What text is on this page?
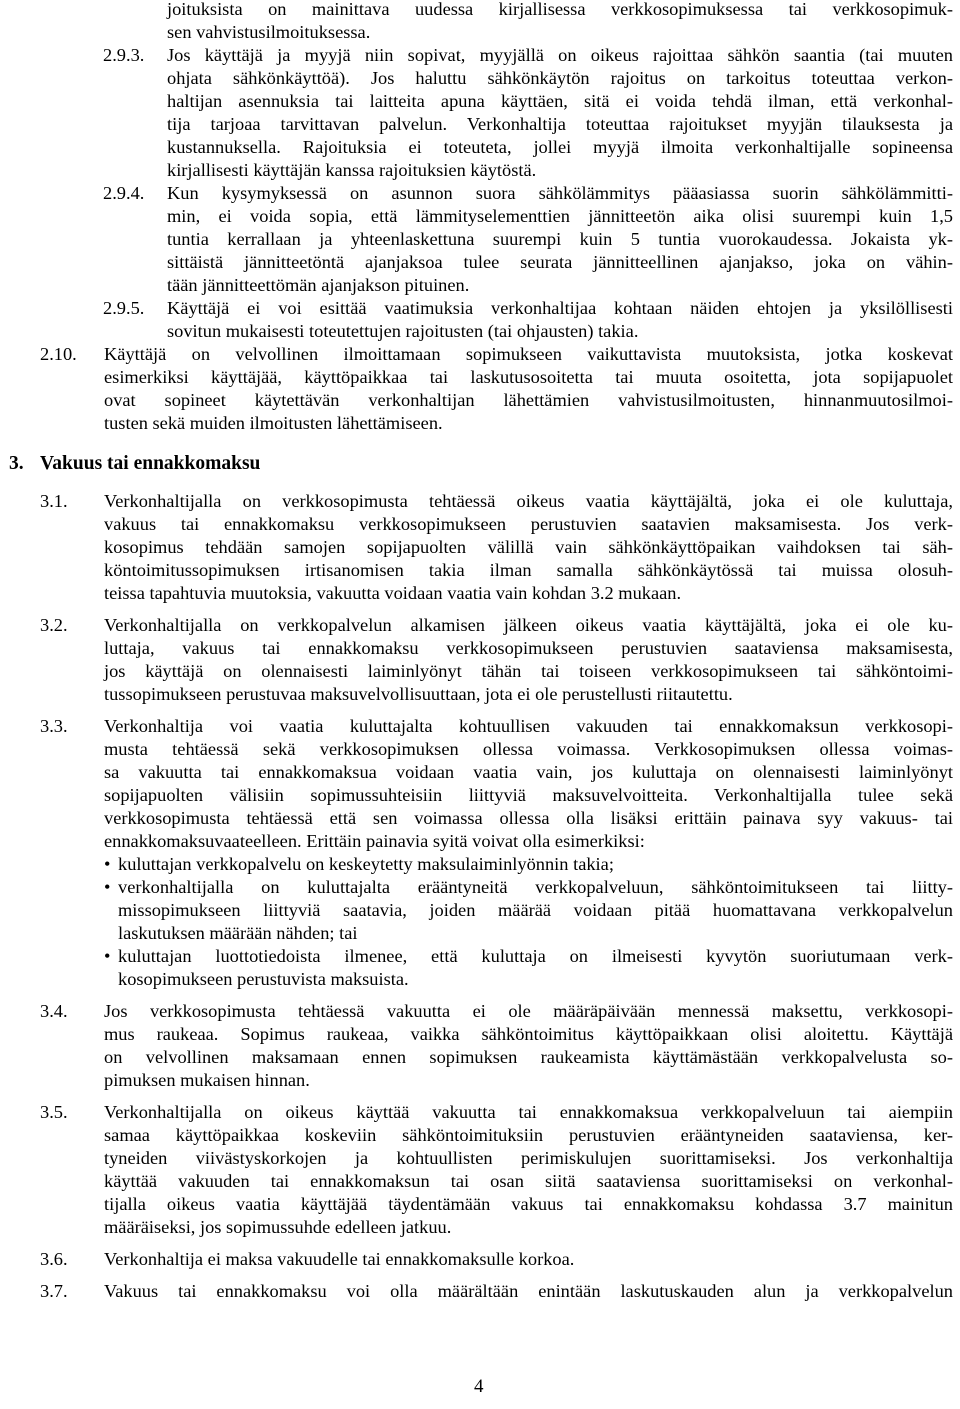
joituksista on mainittava uudessa kirjallisessa verkkosopimuksessa tai verkkosopimuk-
sen vahvistusilmoituksessa.
2.9.3. Jos käyttäjä ja myyjä niin sopivat, myyjällä on oikeus rajoittaa sähkön saantia (tai muuten
ohjata sähkönkäyttöä). Jos haluttu sähkönkäytön rajoitus on tarkoitus toteuttaa verkon-
haltijan asennuksia tai laitteita apuna käyttäen, sitä ei voida tehdä ilman, että verkonhal-
tija tarjoaa tarvittavan palvelun. Verkonhaltija toteuttaa rajoitukset myyjän tilauksesta ja
kustannuksella. Rajoituksia ei toteuteta, jollei myyjä ilmoita verkonhaltijalle sopineensa
kirjallisesti käyttäjän kanssa rajoituksien käytöstä.
2.9.4. Kun kysymyksessä on asunnon suora sähkölämmitys pääasiassa suorin sähkölämmitti-
min, ei voida sopia, että lämmityselementtien jännitteetön aika olisi suurempi kuin 1,5
tuntia kerrallaan ja yhteenlaskettuna suurempi kuin 5 tuntia vuorokaudessa. Jokaista yk-
sittäistä jännitteetöntä ajanjaksoa tulee seurata jännitteellinen ajanjakso, joka on vähin-
tään jännitteettömän ajanjakson pituinen.
2.9.5. Käyttäjä ei voi esittää vaatimuksia verkonhaltijaa kohtaan näiden ehtojen ja yksilöllisesti
sovitun mukaisesti toteutettujen rajoitusten (tai ohjausten) takia.
2.10. Käyttäjä on velvollinen ilmoittamaan sopimukseen vaikuttavista muutoksista, jotka koskevat
esimerkiksi käyttäjää, käyttöpaikkaa tai laskutusosoitetta tai muuta osoitetta, jota sopijapuolet
ovat sopineet käytettävän verkonhaltijan lähettämien vahvistusilmoitusten, hinnanmuutosilmoi-
tusten sekä muiden ilmoitusten lähettämiseen.
3. Vakuus tai ennakkomaksu
3.1. Verkonhaltijalla on verkkosopimusta tehtäessä oikeus vaatia käyttäjältä, joka ei ole kuluttaja,
vakuus tai ennakkomaksu verkkosopimukseen perustuvien saatavien maksamisesta. Jos verk-
kosopimus tehdään samojen sopijapuolten välillä vain sähkönkäyttöpaikan vaihdoksen tai säh-
köntoimitussopimuksen irtisanomisen takia ilman samalla sähkönkäytössä tai muissa olosuh-
teissa tapahtuvia muutoksia, vakuutta voidaan vaatia vain kohdan 3.2 mukaan.
3.2. Verkonhaltijalla on verkkopalvelun alkamisen jälkeen oikeus vaatia käyttäjältä, joka ei ole ku-
luttaja, vakuus tai ennakkomaksu verkkosopimukseen perustuvien saataviensa maksamisesta,
jos käyttäjä on olennaisesti laiminlyönyt tähän tai toiseen verkkosopimukseen tai sähköntoimi-
tussopimukseen perustuvaa maksuvelvollisuuttaan, jota ei ole perustellusti riitautettu.
3.3. Verkonhaltija voi vaatia kuluttajalta kohtuullisen vakuuden tai ennakkomaksun verkkosopi-
musta tehtäessä sekä verkkosopimuksen ollessa voimassa. Verkkosopimuksen ollessa voimas-
sa vakuutta tai ennakkomaksua voidaan vaatia vain, jos kuluttaja on olennaisesti laiminlyönyt
sopijapuolten välisiin sopimussuhteisiin liittyviä maksuvelvoitteita. Verkonhaltijalla tulee sekä
verkkosopimusta tehtäessä että sen voimassa ollessa olla lisäksi erittäin painava syy vakuus- tai
ennakkomaksuvaateelleen. Erittäin painavia syitä voivat olla esimerkiksi:
• kuluttajan verkkopalvelu on keskeytetty maksulaiminlyönnin takia;
• verkonhaltijalla on kuluttajalta erääntyneitä verkkopalveluun, sähköntoimitukseen tai liitty-
missopimukseen liittyviä saatavia, joiden määrää voidaan pitää huomattavana verkkopalvelun
laskutuksen määrään nähden; tai
• kuluttajan luottotiedoista ilmenee, että kuluttaja on ilmeisesti kyvytön suoriutumaan verk-
kosopimukseen perustuvista maksuista.
3.4. Jos verkkosopimusta tehtäessä vakuutta ei ole määräpäivään mennessä maksettu, verkkosopi-
mus raukeaa. Sopimus raukeaa, vaikka sähköntoimitus käyttöpaikkaan olisi aloitettu. Käyttäjä
on velvollinen maksamaan ennen sopimuksen raukeamista käyttämästään verkkopalvelusta so-
pimuksen mukaisen hinnan.
3.5. Verkonhaltijalla on oikeus käyttää vakuutta tai ennakkomaksua verkkopalveluun tai aiempiin
samaa käyttöpaikkaa koskeviin sähköntoimituksiin perustuvien erääntyneiden saataviensa, ker-
tyneiden viivästyskorkojen ja kohtuullisten perimiskulujen suorittamiseksi. Jos verkonhaltija
käyttää vakuuden tai ennakkomaksun tai osan siitä saataviensa suorittamiseksi on verkonhal-
tijalla oikeus vaatia käyttäjää täydentämään vakuus tai ennakkomaksu kohdassa 3.7 mainitun
määräiseksi, jos sopimussuhde edelleen jatkuu.
3.6. Verkonhaltija ei maksa vakuudelle tai ennakkomaksulle korkoa.
3.7. Vakuus tai ennakkomaksu voi olla määrältään enintään laskutuskauden alun ja verkkopalvelun
4
